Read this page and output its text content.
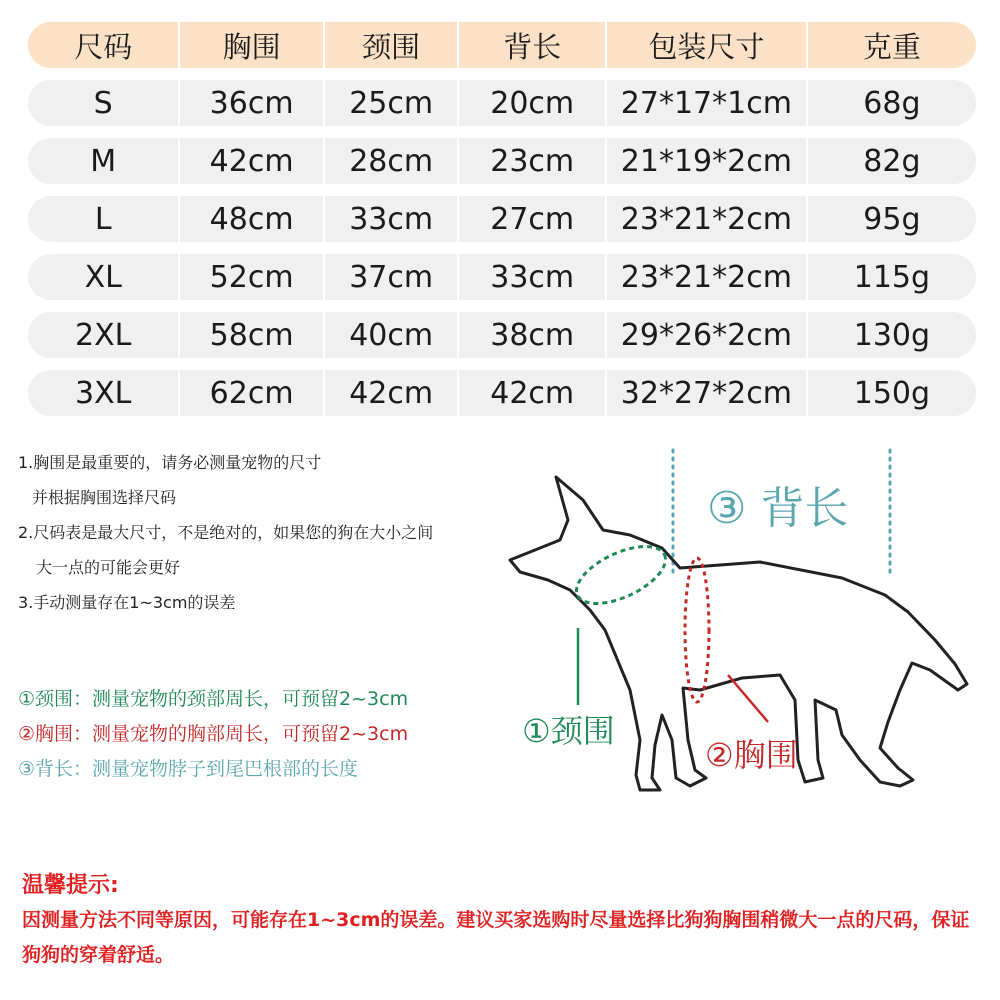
尺码	胸围	颈围	背长	包装尺寸	克重
S	36cm	25cm	20cm	27*17*1cm	68g
M	42cm	28cm	23cm	21*19*2cm	82g
L	48cm	33cm	27cm	23*21*2cm	95g
XL	52cm	37cm	33cm	23*21*2cm	115g
2XL	58cm	40cm	38cm	29*26*2cm	130g
3XL	62cm	42cm	42cm	32*27*2cm	150g
1.胸围是最重要的，请务必测量宠物的尺寸
并根据胸围选择尺码
2.尺码表是最大尺寸，不是绝对的，如果您的狗在大小之间
大一点的可能会更好
3.手动测量存在1~3cm的误差
①颈围：测量宠物的颈部周长，可预留2~3cm
②胸围：测量宠物的胸部周长，可预留2~3cm
③背长：测量宠物脖子到尾巴根部的长度
③ 背长
①颈围
②胸围
温馨提示:
因测量方法不同等原因，可能存在1~3cm的误差。建议买家选购时尽量选择比狗狗胸围稍微大一点的尺码，保证狗狗的穿着舒适。
